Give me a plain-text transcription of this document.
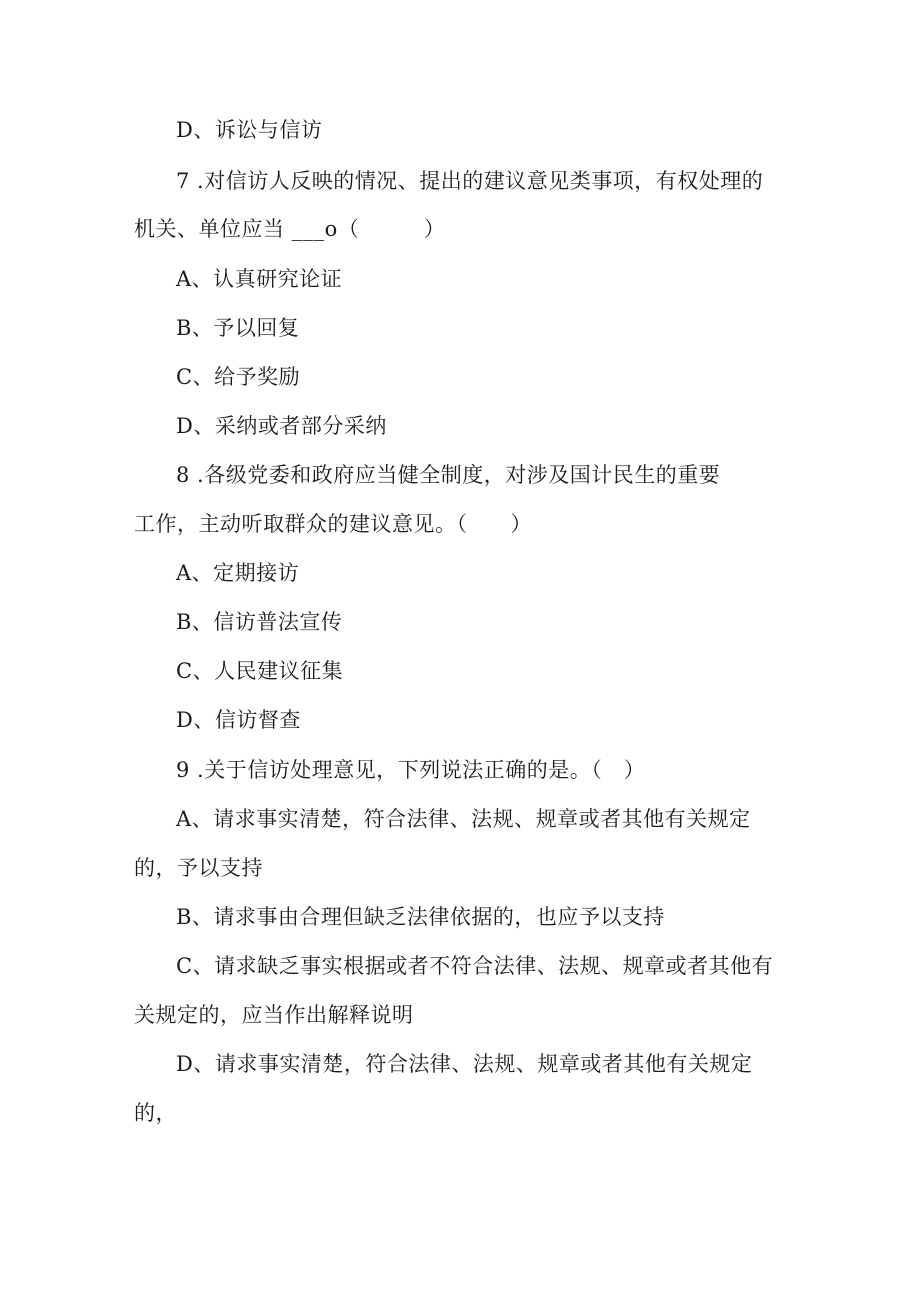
D、诉讼与信访
7 .对信访人反映的情况、提出的建议意见类事项，有权处理的
机关、单位应当 ___o（　　　）
A、认真研究论证
B、予以回复
C、给予奖励
D、采纳或者部分采纳
8 .各级党委和政府应当健全制度，对涉及国计民生的重要
工作，主动听取群众的建议意见。（　　）
A、定期接访
B、信访普法宣传
C、人民建议征集
D、信访督查
9 .关于信访处理意见，下列说法正确的是。（　）
A、请求事实清楚，符合法律、法规、规章或者其他有关规定
的，予以支持
B、请求事由合理但缺乏法律依据的，也应予以支持
C、请求缺乏事实根据或者不符合法律、法规、规章或者其他有
关规定的，应当作出解释说明
D、请求事实清楚，符合法律、法规、规章或者其他有关规定
的，
